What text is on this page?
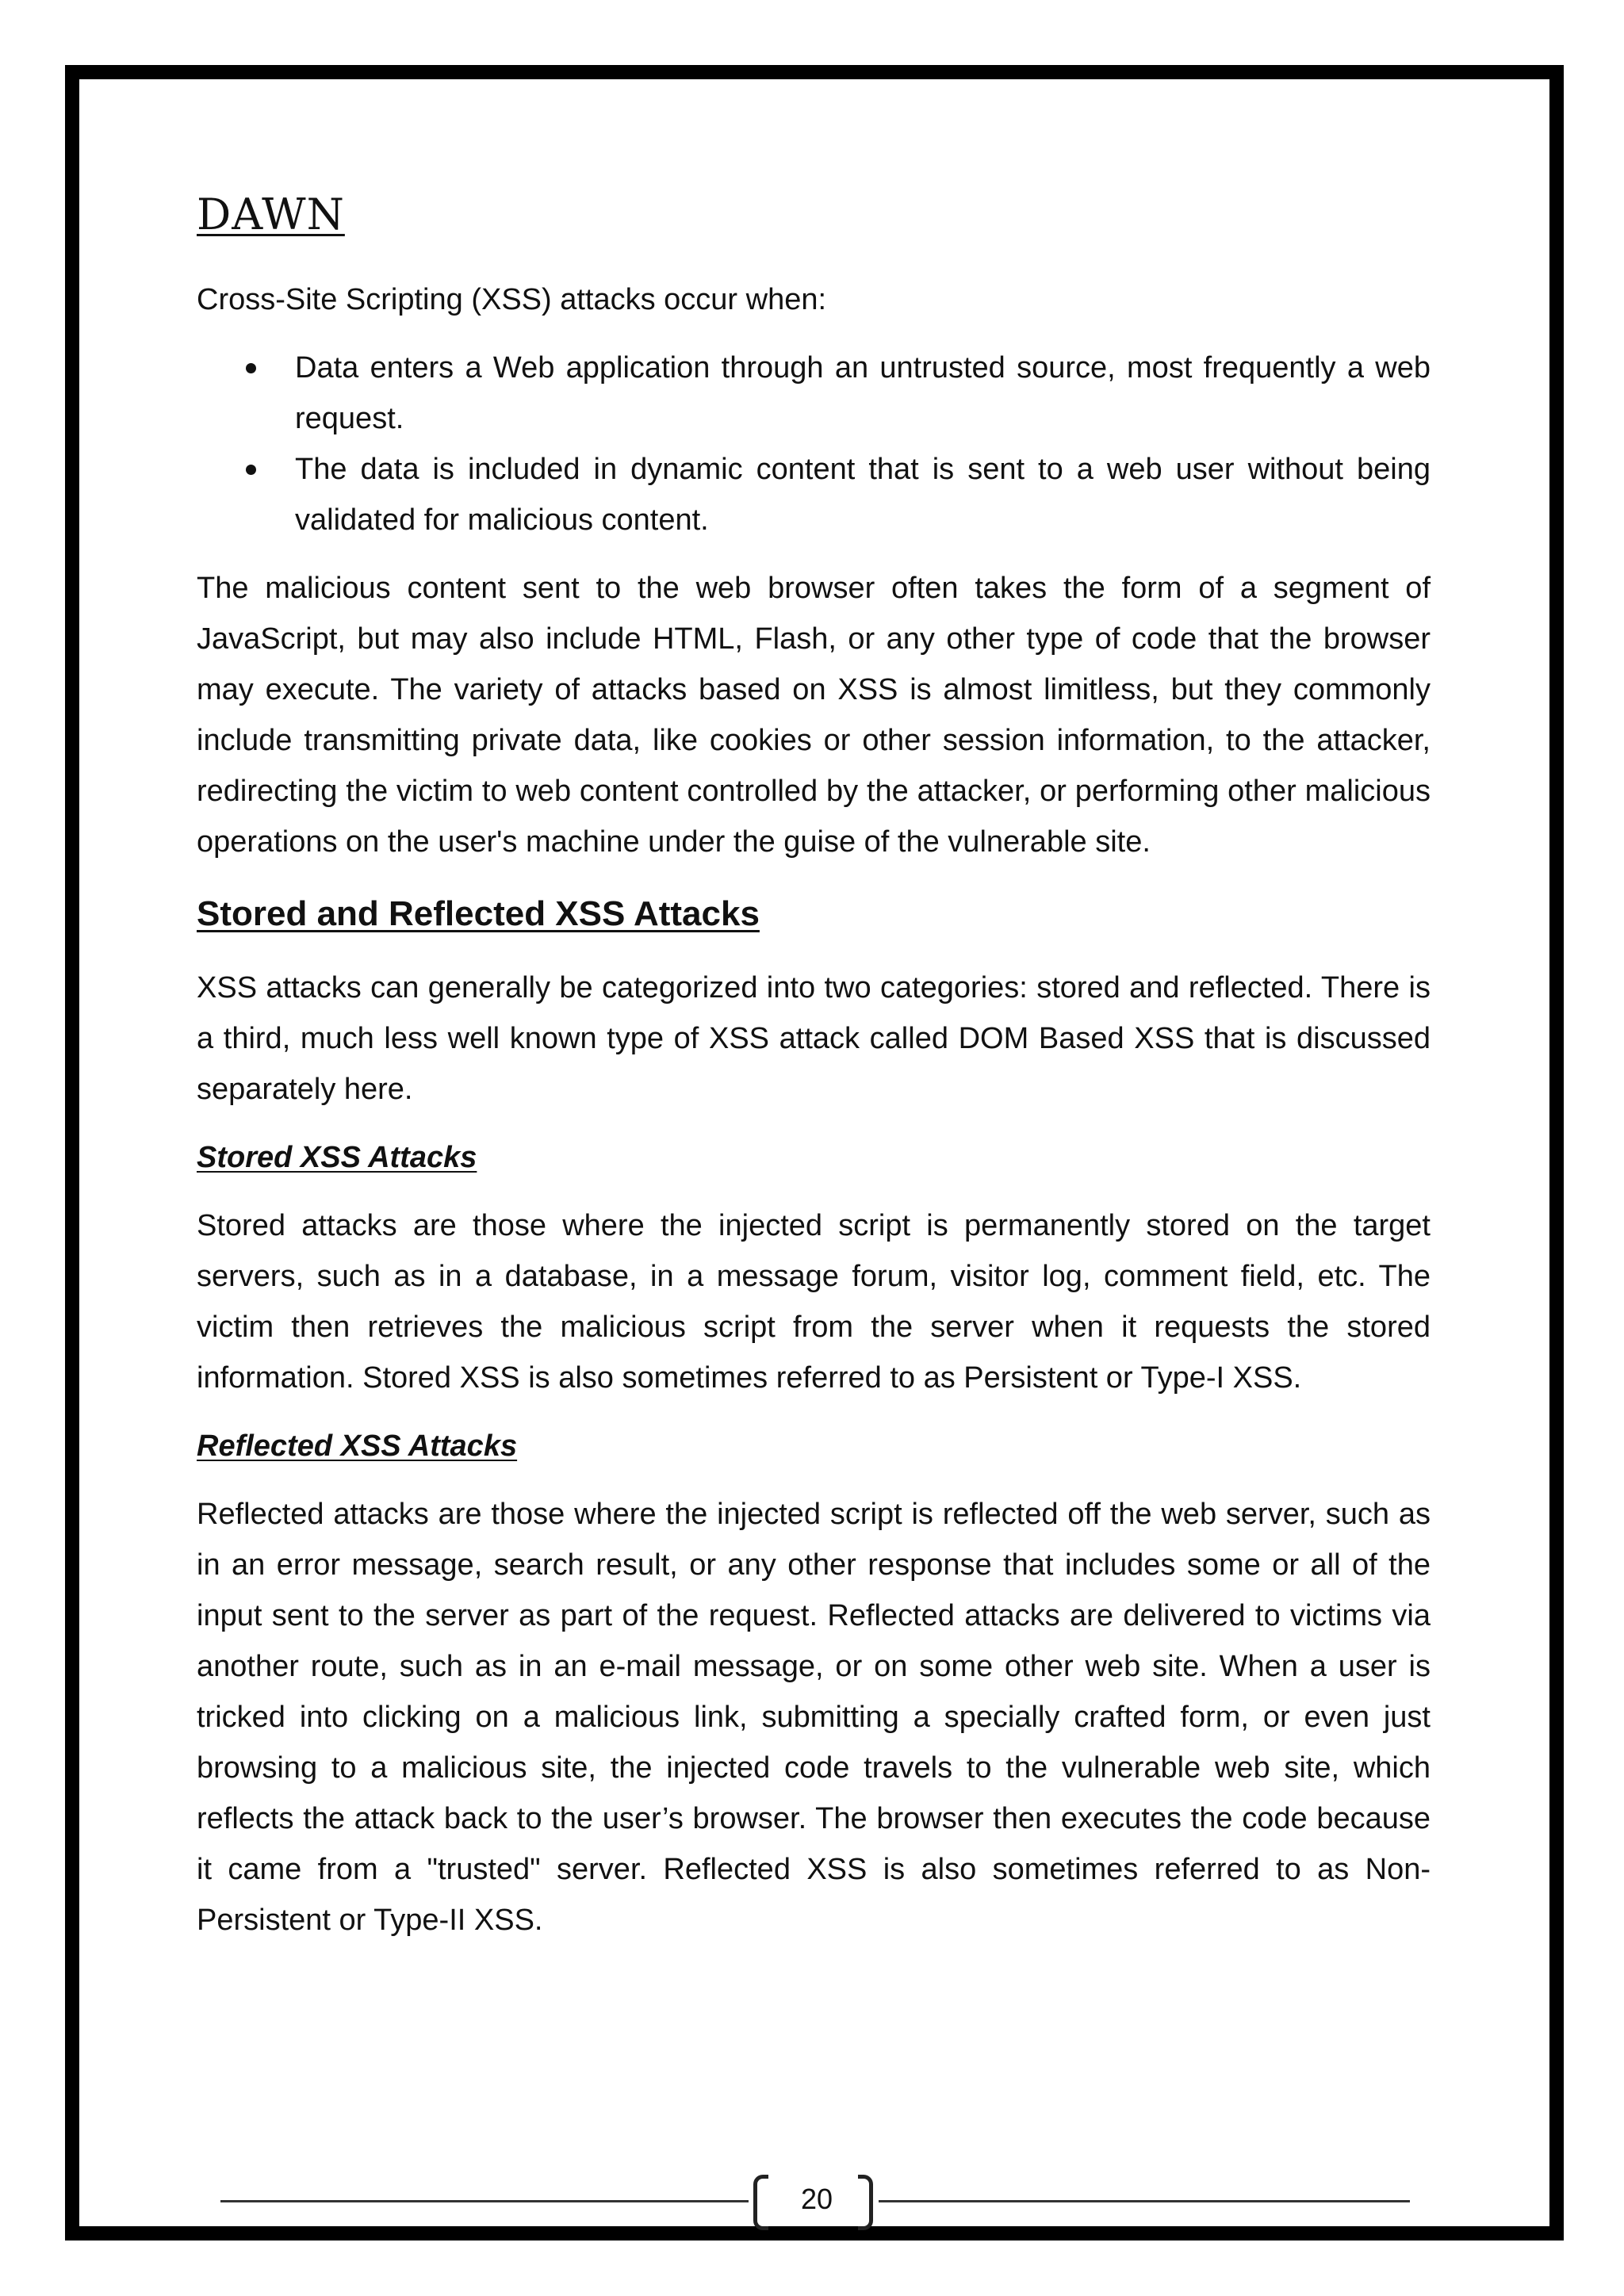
DAWN

Cross-Site Scripting (XSS) attacks occur when:

Data enters a Web application through an untrusted source, most frequently a web request.
The data is included in dynamic content that is sent to a web user without being validated for malicious content.

The malicious content sent to the web browser often takes the form of a segment of JavaScript, but may also include HTML, Flash, or any other type of code that the browser may execute. The variety of attacks based on XSS is almost limitless, but they commonly include transmitting private data, like cookies or other session information, to the attacker, redirecting the victim to web content controlled by the attacker, or performing other malicious operations on the user's machine under the guise of the vulnerable site.

Stored and Reflected XSS Attacks

XSS attacks can generally be categorized into two categories: stored and reflected. There is a third, much less well known type of XSS attack called DOM Based XSS that is discussed separately here.

Stored XSS Attacks

Stored attacks are those where the injected script is permanently stored on the target servers, such as in a database, in a message forum, visitor log, comment field, etc. The victim then retrieves the malicious script from the server when it requests the stored information. Stored XSS is also sometimes referred to as Persistent or Type-I XSS.

Reflected XSS Attacks

Reflected attacks are those where the injected script is reflected off the web server, such as in an error message, search result, or any other response that includes some or all of the input sent to the server as part of the request. Reflected attacks are delivered to victims via another route, such as in an e-mail message, or on some other web site. When a user is tricked into clicking on a malicious link, submitting a specially crafted form, or even just browsing to a malicious site, the injected code travels to the vulnerable web site, which reflects the attack back to the user’s browser. The browser then executes the code because it came from a "trusted" server. Reflected XSS is also sometimes referred to as Non-Persistent or Type-II XSS.

20
